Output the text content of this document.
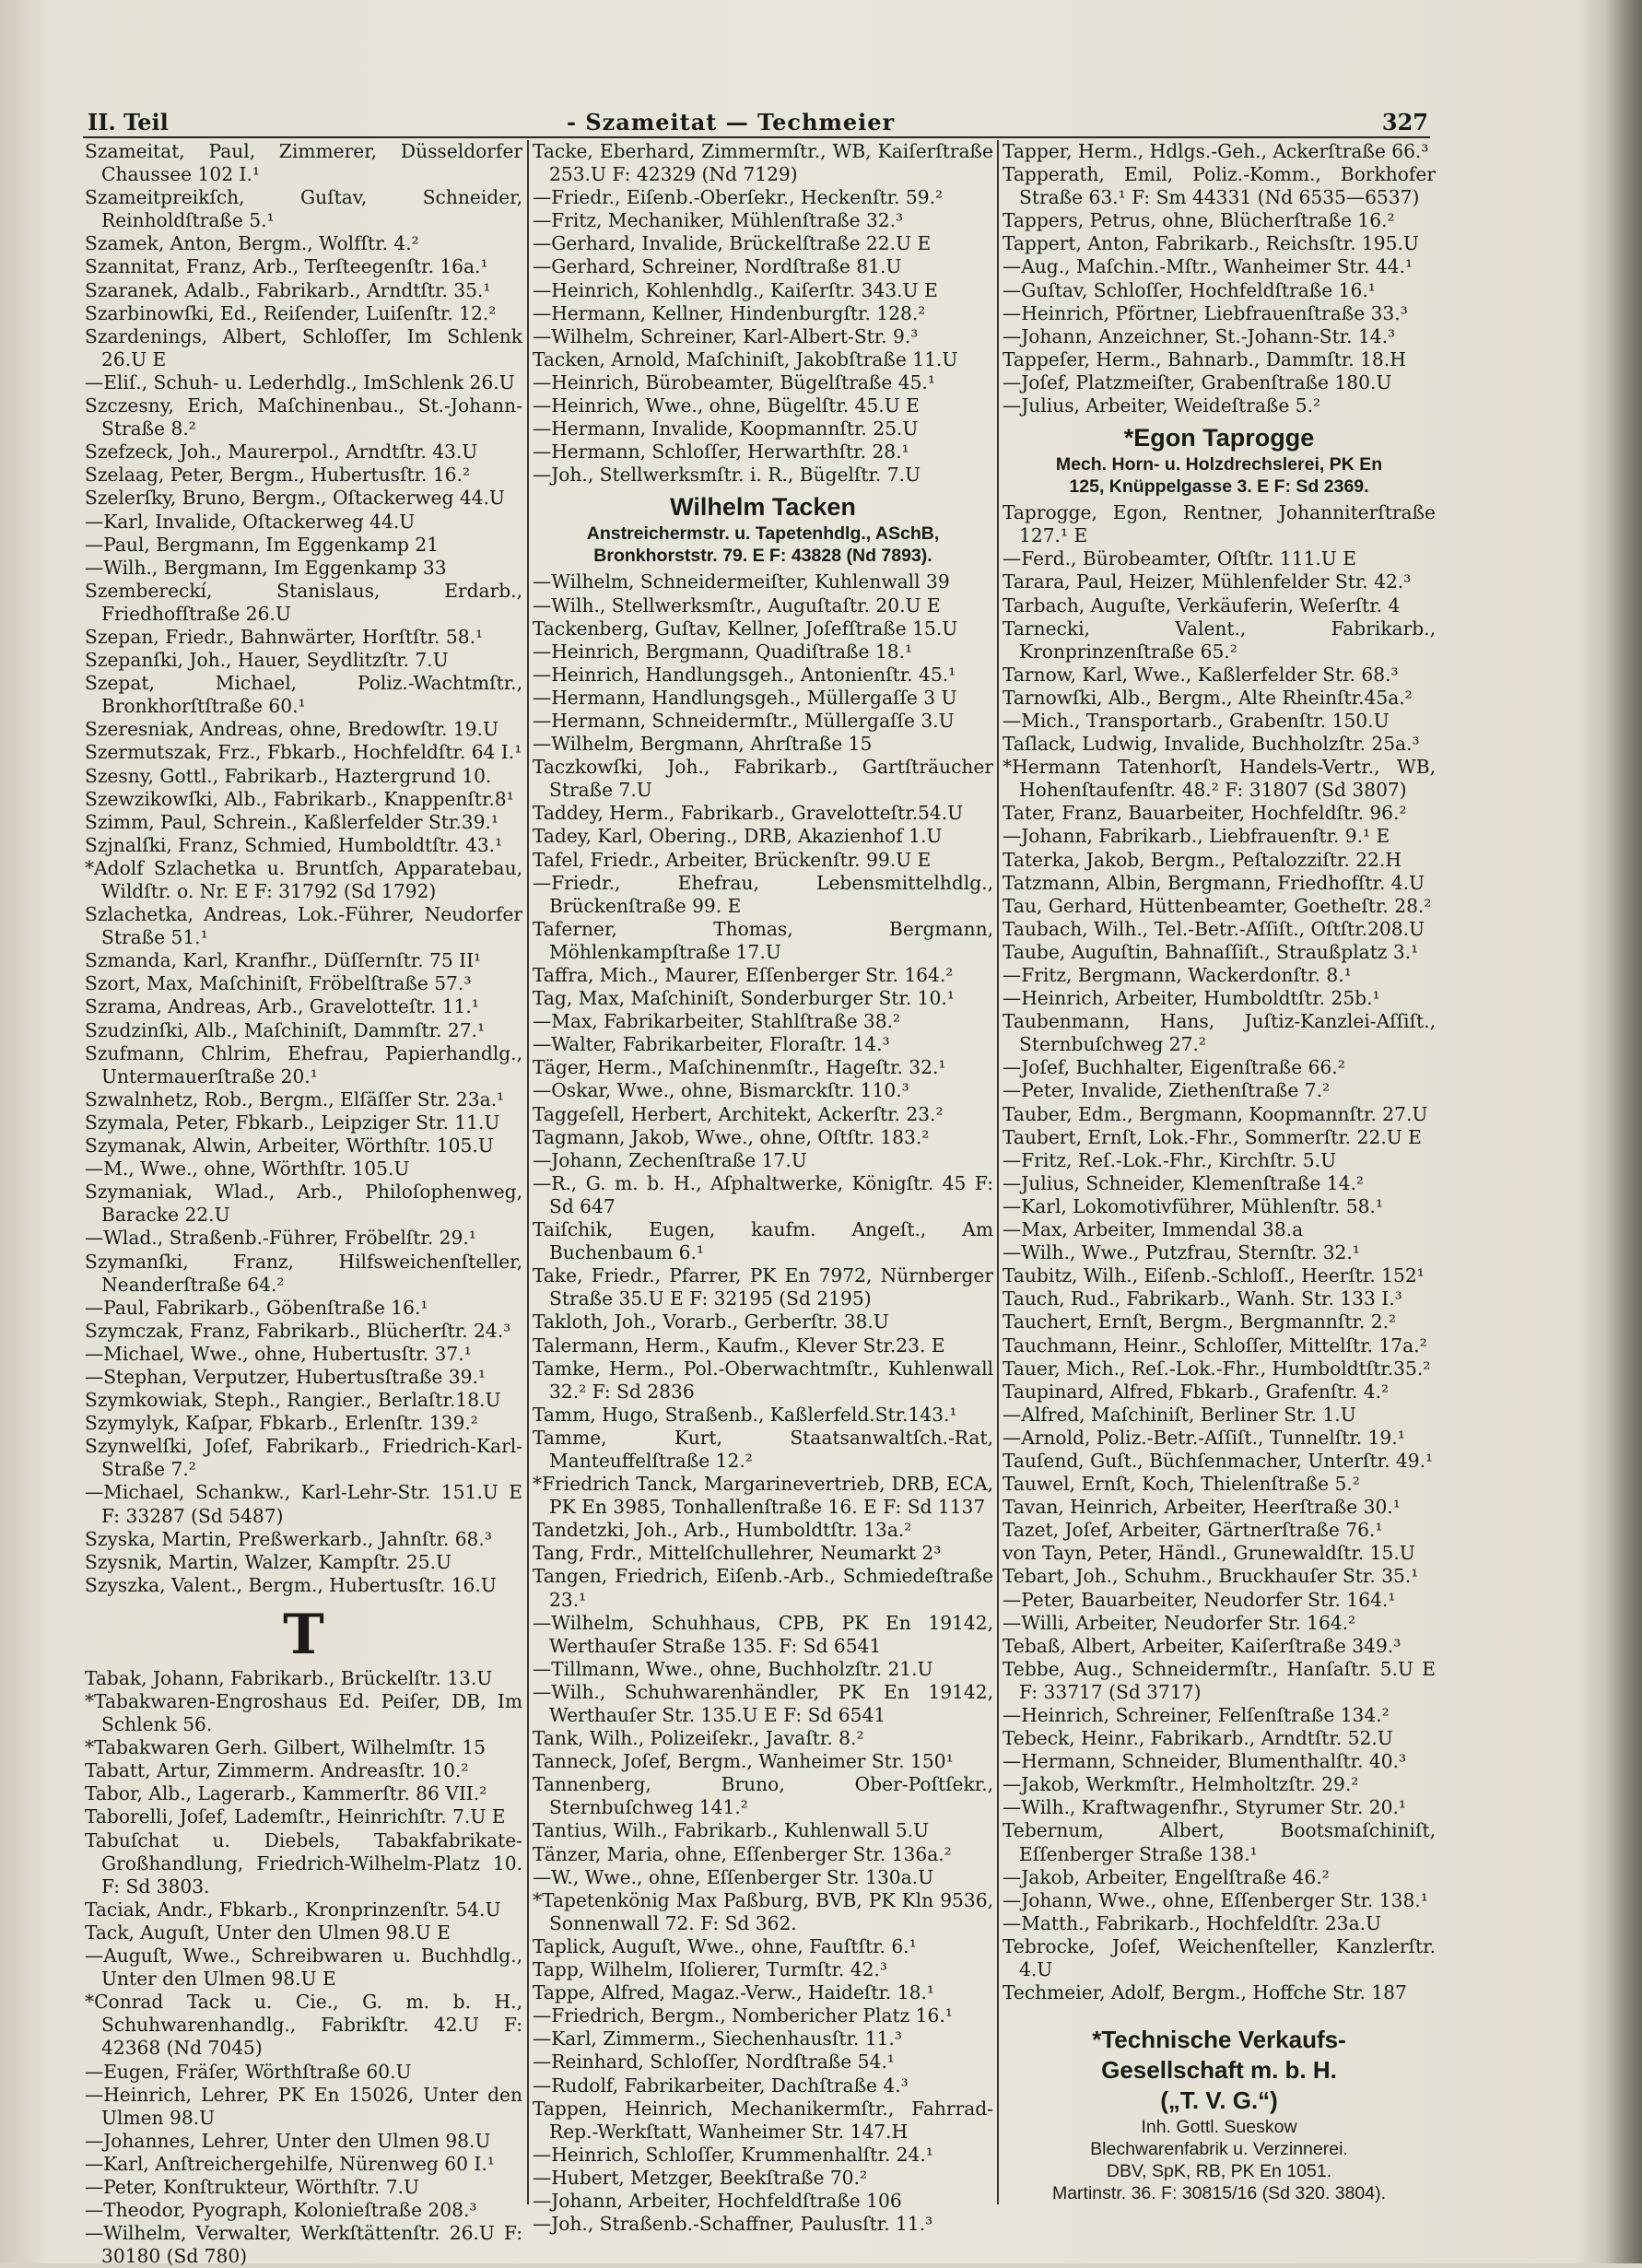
II. Teil	- Szameitat — Techmeier	327

Szameitat, Paul, Zimmerer, Düsseldorfer Chaussee 102 I.¹

Szameitpreikſch, Guſtav, Schneider, Reinholdſtraße 5.¹

Szamek, Anton, Bergm., Wolfſtr. 4.²

Szannitat, Franz, Arb., Terſteegenſtr. 16a.¹

Szaranek, Adalb., Fabrikarb., Arndtſtr. 35.¹

Szarbinowſki, Ed., Reiſender, Luiſenſtr. 12.²

Szardenings, Albert, Schloſſer, Im Schlenk 26.U E

—Eliſ., Schuh- u. Lederhdlg., ImSchlenk 26.U

Szczesny, Erich, Maſchinenbau., St.-Johann-Straße 8.²

Szefzeck, Joh., Maurerpol., Arndtſtr. 43.U

Szelaag, Peter, Bergm., Hubertusſtr. 16.²

Szelerſky, Bruno, Bergm., Oſtackerweg 44.U

—Karl, Invalide, Oſtackerweg 44.U

—Paul, Bergmann, Im Eggenkamp 21

—Wilh., Bergmann, Im Eggenkamp 33

Szembereckí, Stanislaus, Erdarb., Friedhofſtraße 26.U

Szepan, Friedr., Bahnwärter, Horſtſtr. 58.¹

Szepanſki, Joh., Hauer, Seydlitzſtr. 7.U

Szepat, Michael, Poliz.-Wachtmſtr., Bronkhorſtſtraße 60.¹

Szeresniak, Andreas, ohne, Bredowſtr. 19.U

Szermutszak, Frz., Fbkarb., Hochfeldſtr. 64 I.¹

Szesny, Gottl., Fabrikarb., Haztergrund 10.

Szewzikowſki, Alb., Fabrikarb., Knappenſtr.8¹

Szimm, Paul, Schrein., Kaßlerfelder Str.39.¹

Szjnalſki, Franz, Schmied, Humboldtſtr. 43.¹

*Adolf Szlachetka u. Bruntſch, Apparatebau, Wildſtr. o. Nr. E F: 31792 (Sd 1792)

Szlachetka, Andreas, Lok.-Führer, Neudorfer Straße 51.¹

Szmanda, Karl, Kranfhr., Düſſernſtr. 75 II¹

Szort, Max, Maſchiniſt, Fröbelſtraße 57.³

Szrama, Andreas, Arb., Gravelotteſtr. 11.¹

Szudzinſki, Alb., Maſchiniſt, Dammſtr. 27.¹

Szufmann, Chlrim, Ehefrau, Papierhandlg., Untermauerſtraße 20.¹

Szwalnhetz, Rob., Bergm., Elſäſſer Str. 23a.¹

Szymala, Peter, Fbkarb., Leipziger Str. 11.U

Szymanak, Alwin, Arbeiter, Wörthſtr. 105.U

—M., Wwe., ohne, Wörthſtr. 105.U

Szymaniak, Wlad., Arb., Philoſophenweg, Baracke 22.U

—Wlad., Straßenb.-Führer, Fröbelſtr. 29.¹

Szymanſki, Franz, Hilfsweichenſteller, Neanderſtraße 64.²

—Paul, Fabrikarb., Göbenſtraße 16.¹

Szymczak, Franz, Fabrikarb., Blücherſtr. 24.³

—Michael, Wwe., ohne, Hubertusſtr. 37.¹

—Stephan, Verputzer, Hubertusſtraße 39.¹

Szymkowiak, Steph., Rangier., Berlaſtr.18.U

Szymylyk, Kaſpar, Fbkarb., Erlenſtr. 139.²

Szynwelſki, Joſef, Fabrikarb., Friedrich-Karl-Straße 7.²

—Michael, Schankw., Karl-Lehr-Str. 151.U E F: 33287 (Sd 5487)

Szyska, Martin, Preßwerkarb., Jahnſtr. 68.³

Szysnik, Martin, Walzer, Kampſtr. 25.U

Szyszka, Valent., Bergm., Hubertusſtr. 16.U

T

Tabak, Johann, Fabrikarb., Brückelſtr. 13.U

*Tabakwaren-Engroshaus Ed. Peiſer, DB, Im Schlenk 56.

*Tabakwaren Gerh. Gilbert, Wilhelmſtr. 15

Tabatt, Artur, Zimmerm. Andreasſtr. 10.²

Tabor, Alb., Lagerarb., Kammerſtr. 86 VII.²

Taborelli, Joſef, Lademſtr., Heinrichſtr. 7.U E

Tabuſchat u. Diebels, Tabakfabrikate-Großhandlung, Friedrich-Wilhelm-Platz 10. F: Sd 3803.

Taciak, Andr., Fbkarb., Kronprinzenſtr. 54.U

Tack, Auguſt, Unter den Ulmen 98.U E

—Auguſt, Wwe., Schreibwaren u. Buchhdlg., Unter den Ulmen 98.U E

*Conrad Tack u. Cie., G. m. b. H., Schuhwarenhandlg., Fabrikſtr. 42.U F: 42368 (Nd 7045)

—Eugen, Fräſer, Wörthſtraße 60.U

—Heinrich, Lehrer, PK En 15026, Unter den Ulmen 98.U

—Johannes, Lehrer, Unter den Ulmen 98.U

—Karl, Anſtreichergehilfe, Nürenweg 60 I.¹

—Peter, Konſtrukteur, Wörthſtr. 7.U

—Theodor, Pyograph, Kolonieſtraße 208.³

—Wilhelm, Verwalter, Werkſtättenſtr. 26.U F: 30180 (Sd 780)

Tacke, Eberhard, Zimmermſtr., WB, Kaiſerſtraße 253.U F: 42329 (Nd 7129)

—Friedr., Eiſenb.-Oberſekr., Heckenſtr. 59.²

—Fritz, Mechaniker, Mühlenſtraße 32.³

—Gerhard, Invalide, Brückelſtraße 22.U E

—Gerhard, Schreiner, Nordſtraße 81.U

—Heinrich, Kohlenhdlg., Kaiſerſtr. 343.U E

—Hermann, Kellner, Hindenburgſtr. 128.²

—Wilhelm, Schreiner, Karl-Albert-Str. 9.³

Tacken, Arnold, Maſchiniſt, Jakobſtraße 11.U

—Heinrich, Bürobeamter, Bügelſtraße 45.¹

—Heinrich, Wwe., ohne, Bügelſtr. 45.U E

—Hermann, Invalide, Koopmannſtr. 25.U

—Hermann, Schloſſer, Herwarthſtr. 28.¹

—Joh., Stellwerksmſtr. i. R., Bügelſtr. 7.U

Wilhelm Tacken
Anstreichermstr. u. Tapetenhdlg., ASchB,
Bronkhorststr. 79. E F: 43828 (Nd 7893).

—Wilhelm, Schneidermeiſter, Kuhlenwall 39

—Wilh., Stellwerksmſtr., Auguſtaſtr. 20.U E

Tackenberg, Guſtav, Kellner, Joſefſtraße 15.U

—Heinrich, Bergmann, Quadiſtraße 18.¹

—Heinrich, Handlungsgeh., Antonienſtr. 45.¹

—Hermann, Handlungsgeh., Müllergaſſe 3 U

—Hermann, Schneidermſtr., Müllergaſſe 3.U

—Wilhelm, Bergmann, Ahrſtraße 15

Taczkowſki, Joh., Fabrikarb., Gartſträucher Straße 7.U

Taddey, Herm., Fabrikarb., Gravelotteſtr.54.U

Tadey, Karl, Obering., DRB, Akazienhof 1.U

Tafel, Friedr., Arbeiter, Brückenſtr. 99.U E

—Friedr., Ehefrau, Lebensmittelhdlg., Brückenſtraße 99. E

Taferner, Thomas, Bergmann, Möhlenkampſtraße 17.U

Taffra, Mich., Maurer, Eſſenberger Str. 164.²

Tag, Max, Maſchiniſt, Sonderburger Str. 10.¹

—Max, Fabrikarbeiter, Stahlſtraße 38.²

—Walter, Fabrikarbeiter, Floraſtr. 14.³

Täger, Herm., Maſchinenmſtr., Hageſtr. 32.¹

—Oskar, Wwe., ohne, Bismarckſtr. 110.³

Taggeſell, Herbert, Architekt, Ackerſtr. 23.²

Tagmann, Jakob, Wwe., ohne, Oſtſtr. 183.²

—Johann, Zechenſtraße 17.U

—R., G. m. b. H., Aſphaltwerke, Königſtr. 45 F: Sd 647

Taiſchik, Eugen, kaufm. Angeſt., Am Buchenbaum 6.¹

Take, Friedr., Pfarrer, PK En 7972, Nürnberger Straße 35.U E F: 32195 (Sd 2195)

Takloth, Joh., Vorarb., Gerberſtr. 38.U

Talermann, Herm., Kaufm., Klever Str.23. E

Tamke, Herm., Pol.-Oberwachtmſtr., Kuhlenwall 32.² F: Sd 2836

Tamm, Hugo, Straßenb., Kaßlerfeld.Str.143.¹

Tamme, Kurt, Staatsanwaltſch.-Rat, Manteuffelſtraße 12.²

*Friedrich Tanck, Margarinevertrieb, DRB, ECA, PK En 3985, Tonhallenſtraße 16. E F: Sd 1137

Tandetzki, Joh., Arb., Humboldtſtr. 13a.²

Tang, Frdr., Mittelſchullehrer, Neumarkt 2³

Tangen, Friedrich, Eiſenb.-Arb., Schmiedeſtraße 23.¹

—Wilhelm, Schuhhaus, CPB, PK En 19142, Werthauſer Straße 135. F: Sd 6541

—Tillmann, Wwe., ohne, Buchholzſtr. 21.U

—Wilh., Schuhwarenhändler, PK En 19142, Werthauſer Str. 135.U E F: Sd 6541

Tank, Wilh., Polizeiſekr., Javaſtr. 8.²

Tanneck, Joſef, Bergm., Wanheimer Str. 150¹

Tannenberg, Bruno, Ober-Poſtſekr., Sternbuſchweg 141.²

Tantius, Wilh., Fabrikarb., Kuhlenwall 5.U

Tänzer, Maria, ohne, Eſſenberger Str. 136a.²

—W., Wwe., ohne, Eſſenberger Str. 130a.U

*Tapetenkönig Max Paßburg, BVB, PK Kln 9536, Sonnenwall 72. F: Sd 362.

Taplick, Auguſt, Wwe., ohne, Fauſtſtr. 6.¹

Tapp, Wilhelm, Iſolierer, Turmſtr. 42.³

Tappe, Alfred, Magaz.-Verw., Haideſtr. 18.¹

—Friedrich, Bergm., Nombericher Platz 16.¹

—Karl, Zimmerm., Siechenhausſtr. 11.³

—Reinhard, Schloſſer, Nordſtraße 54.¹

—Rudolf, Fabrikarbeiter, Dachſtraße 4.³

Tappen, Heinrich, Mechanikermſtr., Fahrrad-Rep.-Werkſtatt, Wanheimer Str. 147.H

—Heinrich, Schloſſer, Krummenhalſtr. 24.¹

—Hubert, Metzger, Beekſtraße 70.²

—Johann, Arbeiter, Hochfeldſtraße 106

—Joh., Straßenb.-Schaffner, Paulusſtr. 11.³

Tapper, Herm., Hdlgs.-Geh., Ackerſtraße 66.³

Tapperath, Emil, Poliz.-Komm., Borkhofer Straße 63.¹ F: Sm 44331 (Nd 6535—6537)

Tappers, Petrus, ohne, Blücherſtraße 16.²

Tappert, Anton, Fabrikarb., Reichsſtr. 195.U

—Aug., Maſchin.-Mſtr., Wanheimer Str. 44.¹

—Guſtav, Schloſſer, Hochfeldſtraße 16.¹

—Heinrich, Pförtner, Liebfrauenſtraße 33.³

—Johann, Anzeichner, St.-Johann-Str. 14.³

Tappeſer, Herm., Bahnarb., Dammſtr. 18.H

—Joſef, Platzmeiſter, Grabenſtraße 180.U

—Julius, Arbeiter, Weideſtraße 5.²

*Egon Taprogge
Mech. Horn- u. Holzdrechslerei, PK En
125, Knüppelgasse 3. E F: Sd 2369.

Taprogge, Egon, Rentner, Johanniterſtraße 127.¹ E

—Ferd., Bürobeamter, Oſtſtr. 111.U E

Tarara, Paul, Heizer, Mühlenfelder Str. 42.³

Tarbach, Auguſte, Verkäuferin, Weſerſtr. 4

Tarnecki, Valent., Fabrikarb., Kronprinzenſtraße 65.²

Tarnow, Karl, Wwe., Kaßlerfelder Str. 68.³

Tarnowſki, Alb., Bergm., Alte Rheinſtr.45a.²

—Mich., Transportarb., Grabenſtr. 150.U

Taſlack, Ludwig, Invalide, Buchholzſtr. 25a.³

*Hermann Tatenhorſt, Handels-Vertr., WB, Hohenſtaufenſtr. 48.² F: 31807 (Sd 3807)

Tater, Franz, Bauarbeiter, Hochfeldſtr. 96.²

—Johann, Fabrikarb., Liebfrauenſtr. 9.¹ E

Taterka, Jakob, Bergm., Peſtalozziſtr. 22.H

Tatzmann, Albin, Bergmann, Friedhofſtr. 4.U

Tau, Gerhard, Hüttenbeamter, Goetheſtr. 28.²

Taubach, Wilh., Tel.-Betr.-Aſſiſt., Oſtſtr.208.U

Taube, Auguſtin, Bahnaſſiſt., Straußplatz 3.¹

—Fritz, Bergmann, Wackerdonſtr. 8.¹

—Heinrich, Arbeiter, Humboldtſtr. 25b.¹

Taubenmann, Hans, Juſtiz-Kanzlei-Aſſiſt., Sternbuſchweg 27.²

—Joſef, Buchhalter, Eigenſtraße 66.²

—Peter, Invalide, Ziethenſtraße 7.²

Tauber, Edm., Bergmann, Koopmannſtr. 27.U

Taubert, Ernſt, Lok.-Fhr., Sommerſtr. 22.U E

—Fritz, Reſ.-Lok.-Fhr., Kirchſtr. 5.U

—Julius, Schneider, Klemenſtraße 14.²

—Karl, Lokomotivführer, Mühlenſtr. 58.¹

—Max, Arbeiter, Immendal 38.a

—Wilh., Wwe., Putzfrau, Sternſtr. 32.¹

Taubitz, Wilh., Eiſenb.-Schloſſ., Heerſtr. 152¹

Tauch, Rud., Fabrikarb., Wanh. Str. 133 I.³

Tauchert, Ernſt, Bergm., Bergmannſtr. 2.²

Tauchmann, Heinr., Schloſſer, Mittelſtr. 17a.²

Tauer, Mich., Reſ.-Lok.-Fhr., Humboldtſtr.35.²

Taupinard, Alfred, Fbkarb., Grafenſtr. 4.²

—Alfred, Maſchiniſt, Berliner Str. 1.U

—Arnold, Poliz.-Betr.-Aſſiſt., Tunnelſtr. 19.¹

Tauſend, Guſt., Büchſenmacher, Unterſtr. 49.¹

Tauwel, Ernſt, Koch, Thielenſtraße 5.²

Tavan, Heinrich, Arbeiter, Heerſtraße 30.¹

Tazet, Joſef, Arbeiter, Gärtnerſtraße 76.¹

von Tayn, Peter, Händl., Grunewaldſtr. 15.U

Tebart, Joh., Schuhm., Bruckhauſer Str. 35.¹

—Peter, Bauarbeiter, Neudorfer Str. 164.¹

—Willi, Arbeiter, Neudorfer Str. 164.²

Tebaß, Albert, Arbeiter, Kaiſerſtraße 349.³

Tebbe, Aug., Schneidermſtr., Hanſaſtr. 5.U E F: 33717 (Sd 3717)

—Heinrich, Schreiner, Felſenſtraße 134.²

Tebeck, Heinr., Fabrikarb., Arndtſtr. 52.U

—Hermann, Schneider, Blumenthalſtr. 40.³

—Jakob, Werkmſtr., Helmholtzſtr. 29.²

—Wilh., Kraftwagenfhr., Styrumer Str. 20.¹

Tebernum, Albert, Bootsmaſchiniſt, Eſſenberger Straße 138.¹

—Jakob, Arbeiter, Engelſtraße 46.²

—Johann, Wwe., ohne, Eſſenberger Str. 138.¹

—Matth., Fabrikarb., Hochfeldſtr. 23a.U

Tebrocke, Joſef, Weichenſteller, Kanzlerſtr. 4.U

Techmeier, Adolf, Bergm., Hoffche Str. 187

*Technische Verkaufs-
Gesellschaft m. b. H.
(„T. V. G.“)
Inh. Gottl. Sueskow
Blechwarenfabrik u. Verzinnerei.
DBV, SpK, RB, PK En 1051.
Martinstr. 36. F: 30815/16 (Sd 320. 3804).
